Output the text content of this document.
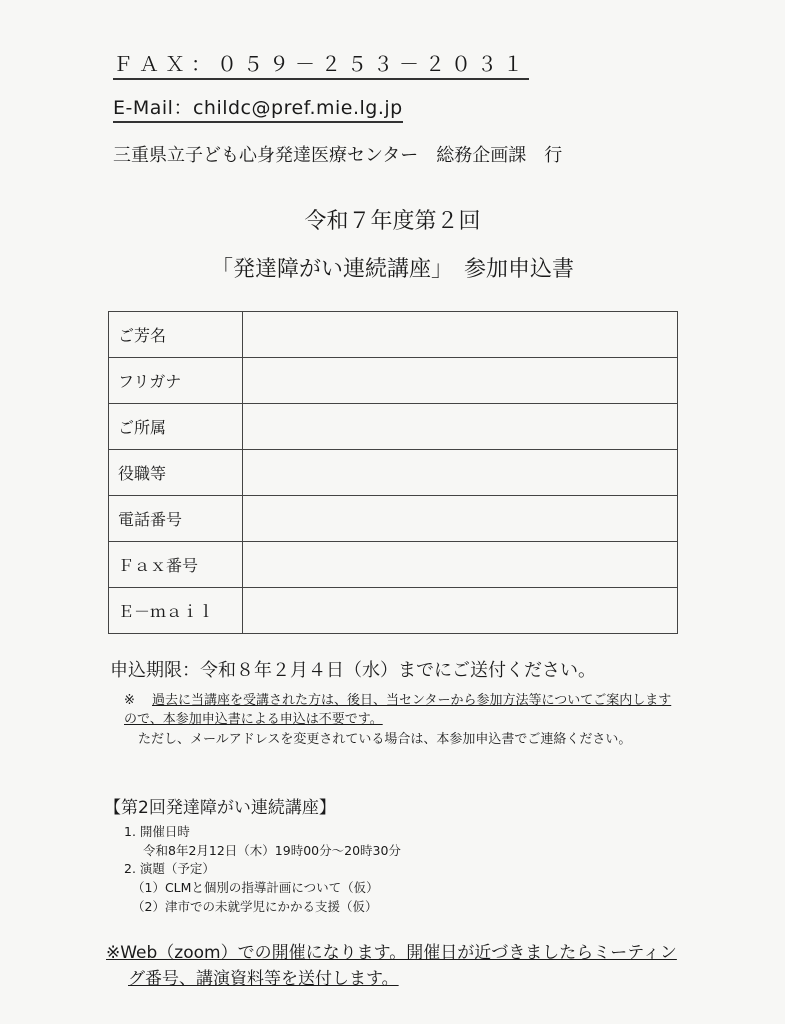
ＦＡＸ：０５９－２５３－２０３１
E-Mail：childc@pref.mie.lg.jp
三重県立子ども心身発達医療センター　総務企画課　行
令和７年度第２回
「発達障がい連続講座」　参加申込書
ご芳名	
フリガナ	
ご所属	
役職等	
電話番号	
Ｆａｘ番号	
Ｅ－ｍａｉｌ	
申込期限：令和８年２月４日（水）までにご送付ください。
※ 過去に当講座を受講された方は、後日、当センターから参加方法等についてご案内しますので、本参加申込書による申込は不要です。
ただし、メールアドレスを変更されている場合は、本参加申込書でご連絡ください。
【第2回発達障がい連続講座】
1. 開催日時
令和8年2月12日（木）19時00分～20時30分
2. 演題（予定）
（1）CLMと個別の指導計画について（仮）
（2）津市での未就学児にかかる支援（仮）
※Web（zoom）での開催になります。開催日が近づきましたらミーティン
グ番号、講演資料等を送付します。
